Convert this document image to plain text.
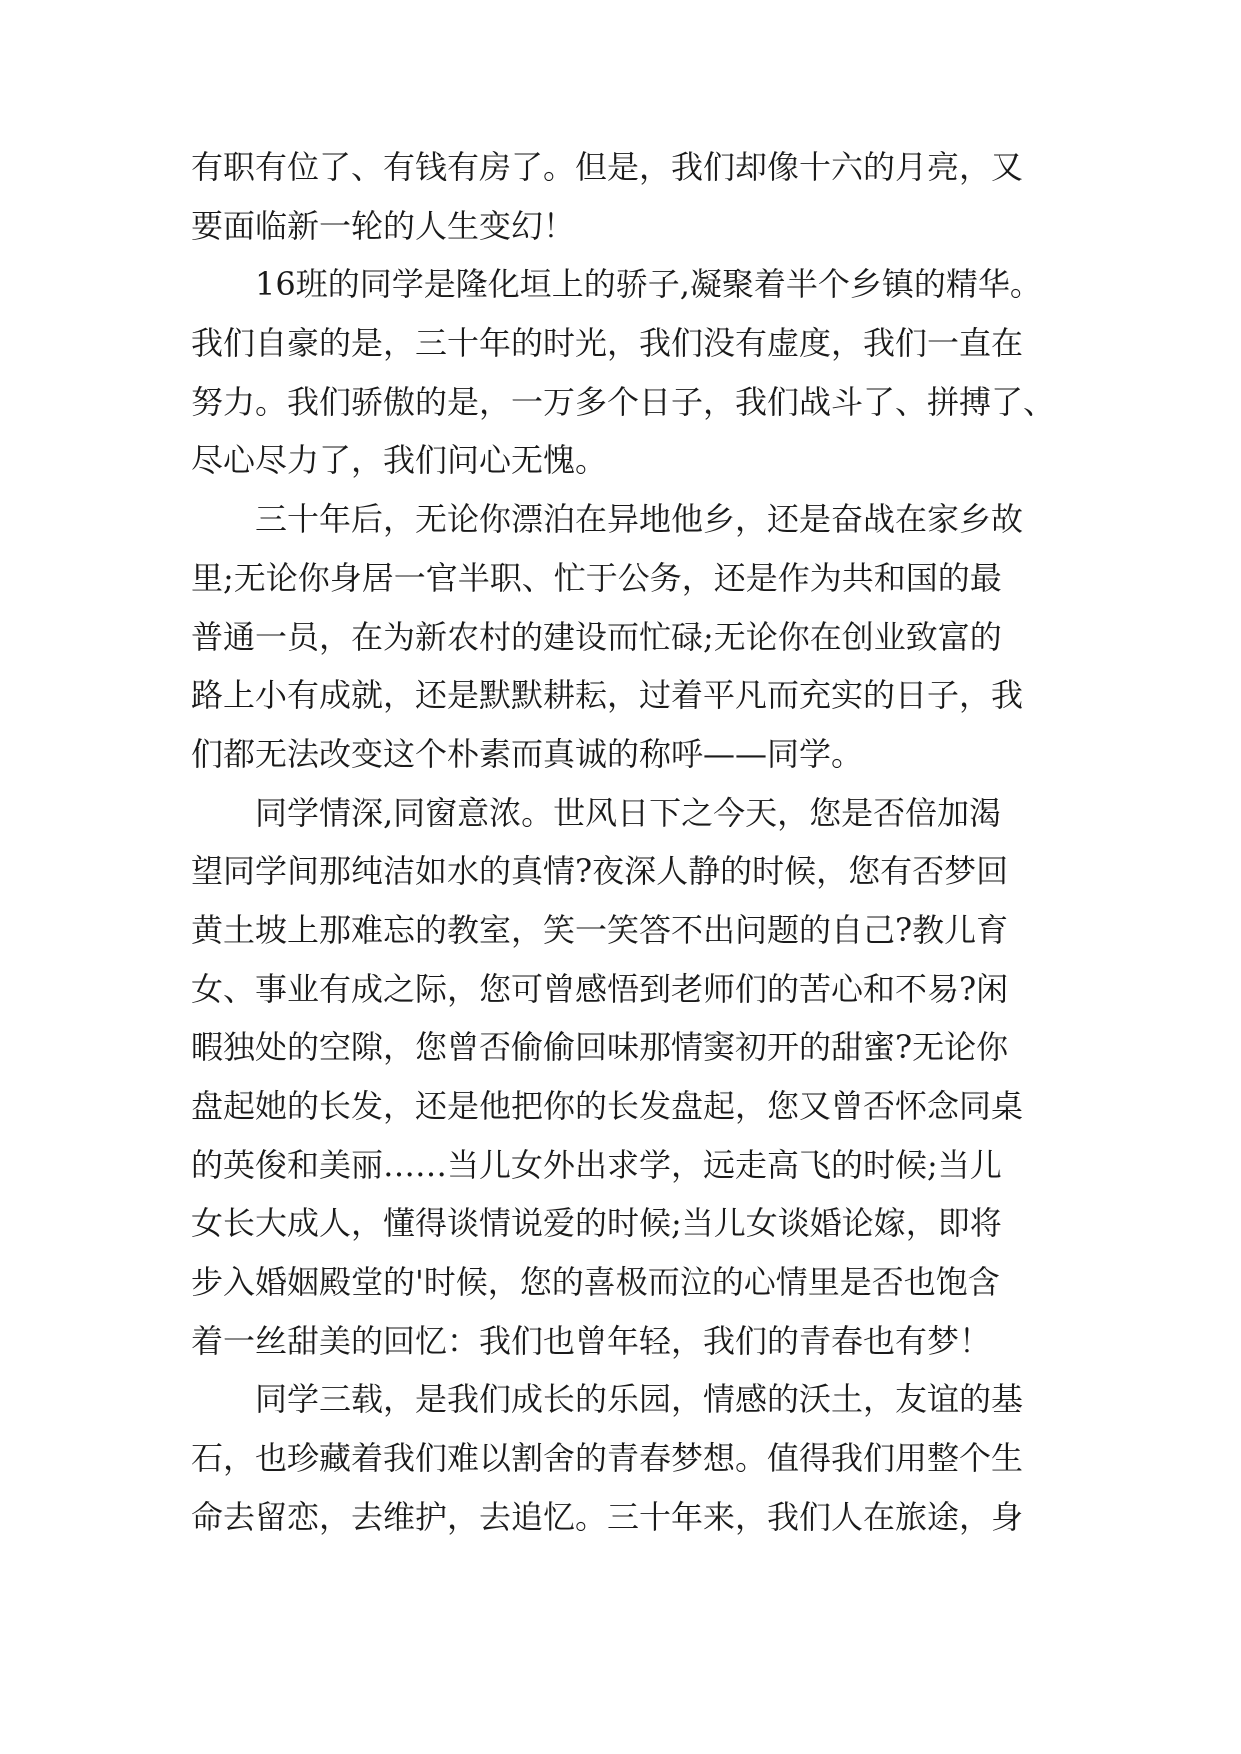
有职有位了、有钱有房了。但是，我们却像十六的月亮，又
要面临新一轮的人生变幻！
16班的同学是隆化垣上的骄子,凝聚着半个乡镇的精华。
我们自豪的是，三十年的时光，我们没有虚度，我们一直在
努力。我们骄傲的是，一万多个日子，我们战斗了、拼搏了、
尽心尽力了，我们问心无愧。
三十年后，无论你漂泊在异地他乡，还是奋战在家乡故
里;无论你身居一官半职、忙于公务，还是作为共和国的最
普通一员，在为新农村的建设而忙碌;无论你在创业致富的
路上小有成就，还是默默耕耘，过着平凡而充实的日子，我
们都无法改变这个朴素而真诚的称呼——同学。
同学情深,同窗意浓。世风日下之今天，您是否倍加渴
望同学间那纯洁如水的真情?夜深人静的时候，您有否梦回
黄土坡上那难忘的教室，笑一笑答不出问题的自己?教儿育
女、事业有成之际，您可曾感悟到老师们的苦心和不易?闲
暇独处的空隙，您曾否偷偷回味那情窦初开的甜蜜?无论你
盘起她的长发，还是他把你的长发盘起，您又曾否怀念同桌
的英俊和美丽……当儿女外出求学，远走高飞的时候;当儿
女长大成人，懂得谈情说爱的时候;当儿女谈婚论嫁，即将
步入婚姻殿堂的'时候，您的喜极而泣的心情里是否也饱含
着一丝甜美的回忆：我们也曾年轻，我们的青春也有梦！
同学三载，是我们成长的乐园，情感的沃土，友谊的基
石，也珍藏着我们难以割舍的青春梦想。值得我们用整个生
命去留恋，去维护，去追忆。三十年来，我们人在旅途，身
